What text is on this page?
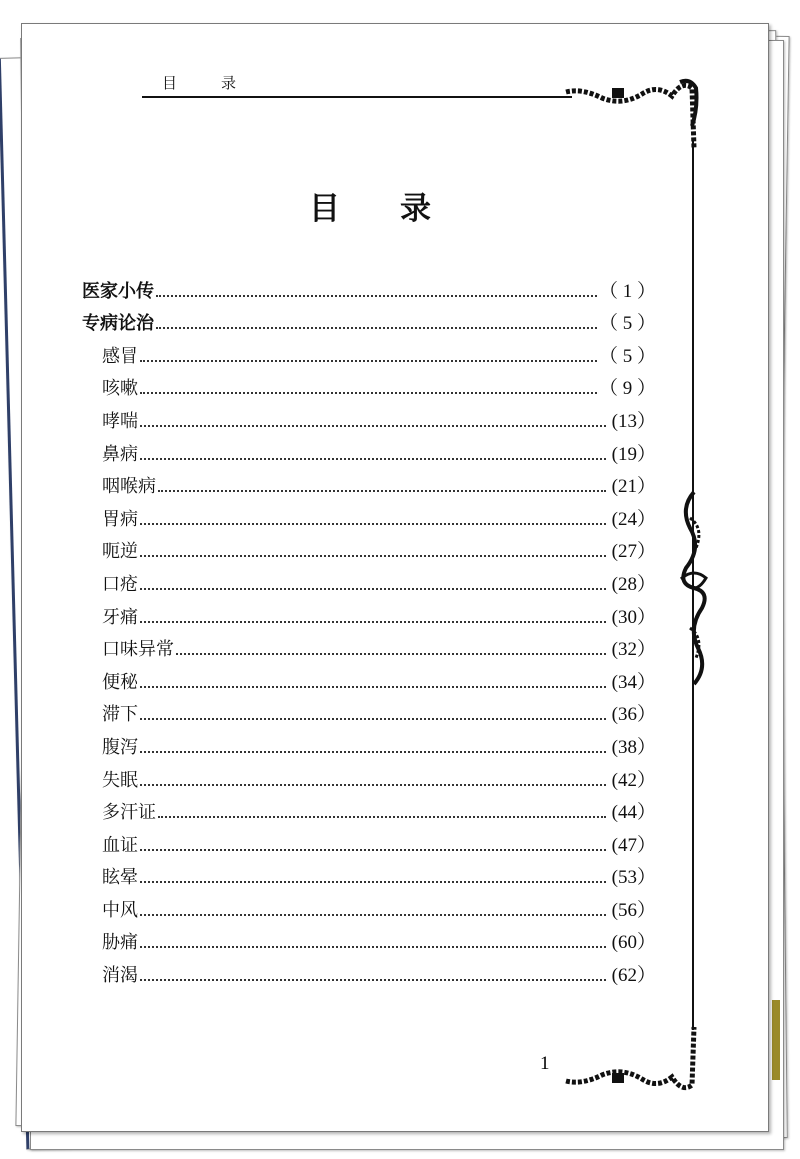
目录
目录
医家小传	（ 1 ）
专病论治	（ 5 ）
感冒	（ 5 ）
咳嗽	（ 9 ）
哮喘	(13）
鼻病	(19）
咽喉病	(21）
胃病	(24）
呃逆	(27）
口疮	(28）
牙痛	(30）
口味异常	(32）
便秘	(34）
滞下	(36）
腹泻	(38）
失眠	(42）
多汗证	(44）
血证	(47）
眩晕	(53）
中风	(56）
胁痛	(60）
消渴	(62）
1
